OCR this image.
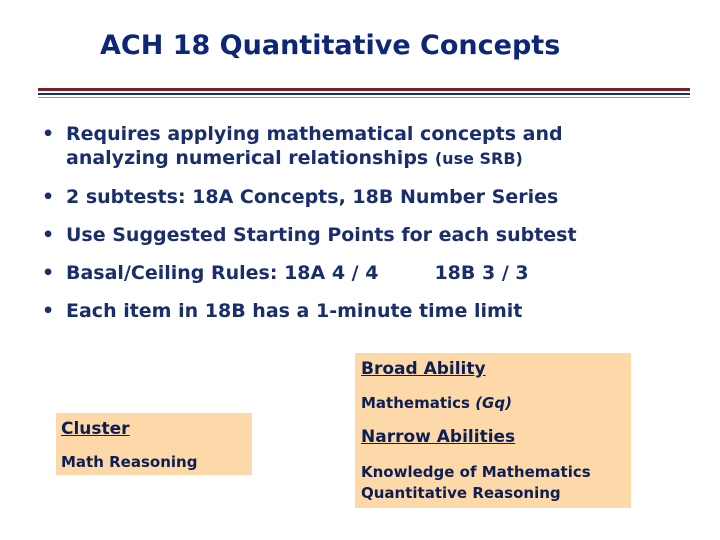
ACH 18 Quantitative Concepts
• Requires applying mathematical concepts and
analyzing numerical relationships (use SRB)
• 2 subtests: 18A Concepts, 18B Number Series
• Use Suggested Starting Points for each subtest
• Basal/Ceiling Rules: 18A 4 / 4	18B 3 / 3
• Each item in 18B has a 1-minute time limit
Broad Ability
Mathematics (Gq)
Narrow Abilities
Knowledge of Mathematics
Quantitative Reasoning
Cluster
Math Reasoning
